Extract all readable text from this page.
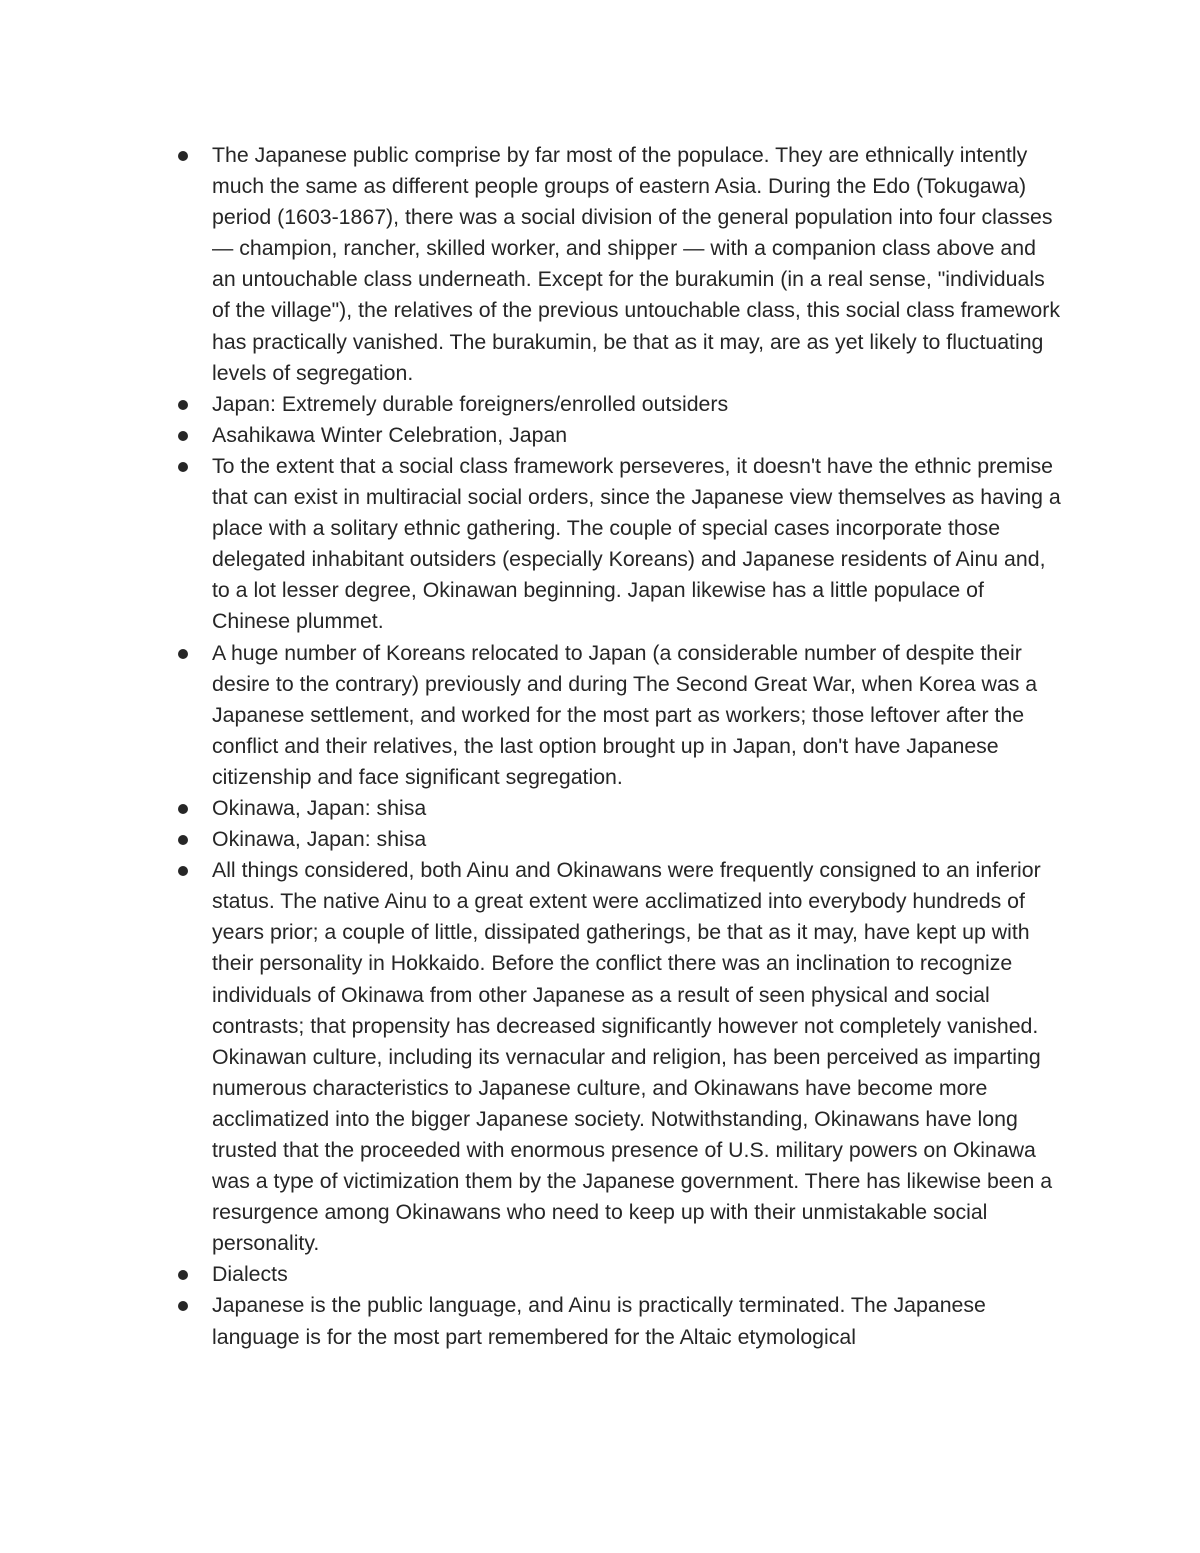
The Japanese public comprise by far most of the populace. They are ethnically intently much the same as different people groups of eastern Asia. During the Edo (Tokugawa) period (1603-1867), there was a social division of the general population into four classes — champion, rancher, skilled worker, and shipper — with a companion class above and an untouchable class underneath. Except for the burakumin (in a real sense, "individuals of the village"), the relatives of the previous untouchable class, this social class framework has practically vanished. The burakumin, be that as it may, are as yet likely to fluctuating levels of segregation.
Japan: Extremely durable foreigners/enrolled outsiders
Asahikawa Winter Celebration, Japan
To the extent that a social class framework perseveres, it doesn't have the ethnic premise that can exist in multiracial social orders, since the Japanese view themselves as having a place with a solitary ethnic gathering. The couple of special cases incorporate those delegated inhabitant outsiders (especially Koreans) and Japanese residents of Ainu and, to a lot lesser degree, Okinawan beginning. Japan likewise has a little populace of Chinese plummet.
A huge number of Koreans relocated to Japan (a considerable number of despite their desire to the contrary) previously and during The Second Great War, when Korea was a Japanese settlement, and worked for the most part as workers; those leftover after the conflict and their relatives, the last option brought up in Japan, don't have Japanese citizenship and face significant segregation.
Okinawa, Japan: shisa
Okinawa, Japan: shisa
All things considered, both Ainu and Okinawans were frequently consigned to an inferior status. The native Ainu to a great extent were acclimatized into everybody hundreds of years prior; a couple of little, dissipated gatherings, be that as it may, have kept up with their personality in Hokkaido. Before the conflict there was an inclination to recognize individuals of Okinawa from other Japanese as a result of seen physical and social contrasts; that propensity has decreased significantly however not completely vanished. Okinawan culture, including its vernacular and religion, has been perceived as imparting numerous characteristics to Japanese culture, and Okinawans have become more acclimatized into the bigger Japanese society. Notwithstanding, Okinawans have long trusted that the proceeded with enormous presence of U.S. military powers on Okinawa was a type of victimization them by the Japanese government. There has likewise been a resurgence among Okinawans who need to keep up with their unmistakable social personality.
Dialects
Japanese is the public language, and Ainu is practically terminated. The Japanese language is for the most part remembered for the Altaic etymological
